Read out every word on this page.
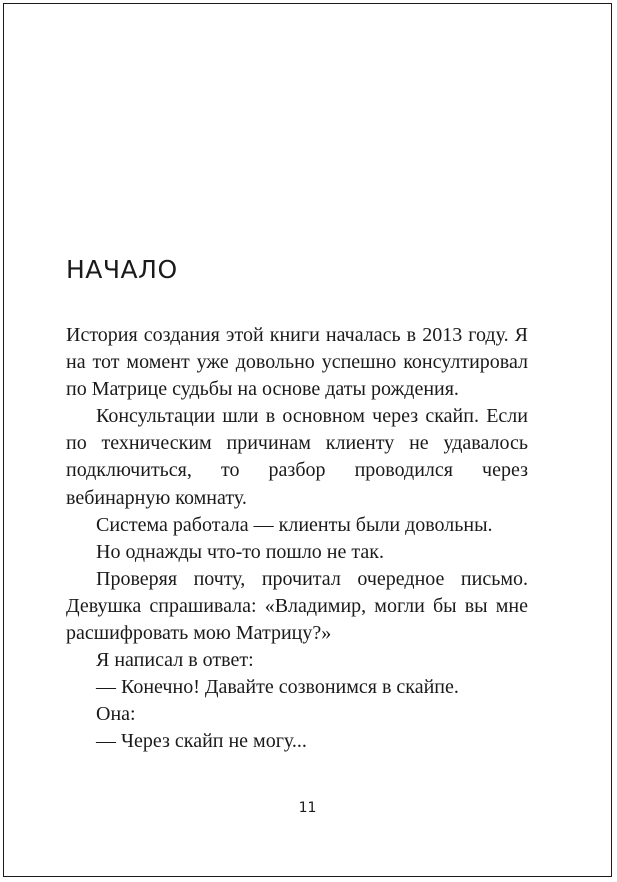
НАЧАЛО

История создания этой книги началась в 2013 году. Я на тот момент уже довольно успешно консултировал по Матрице судьбы на основе даты рождения.

Консультации шли в основном через скайп. Если по техническим причинам клиенту не удавалось подключиться, то разбор проводился через вебинарную комнату.

Система работала — клиенты были довольны.

Но однажды что-то пошло не так.

Проверяя почту, прочитал очередное письмо. Девушка спрашивала: «Владимир, могли бы вы мне расшифровать мою Матрицу?»

Я написал в ответ:

— Конечно! Давайте созвонимся в скайпе.

Она:

— Через скайп не могу...

11
